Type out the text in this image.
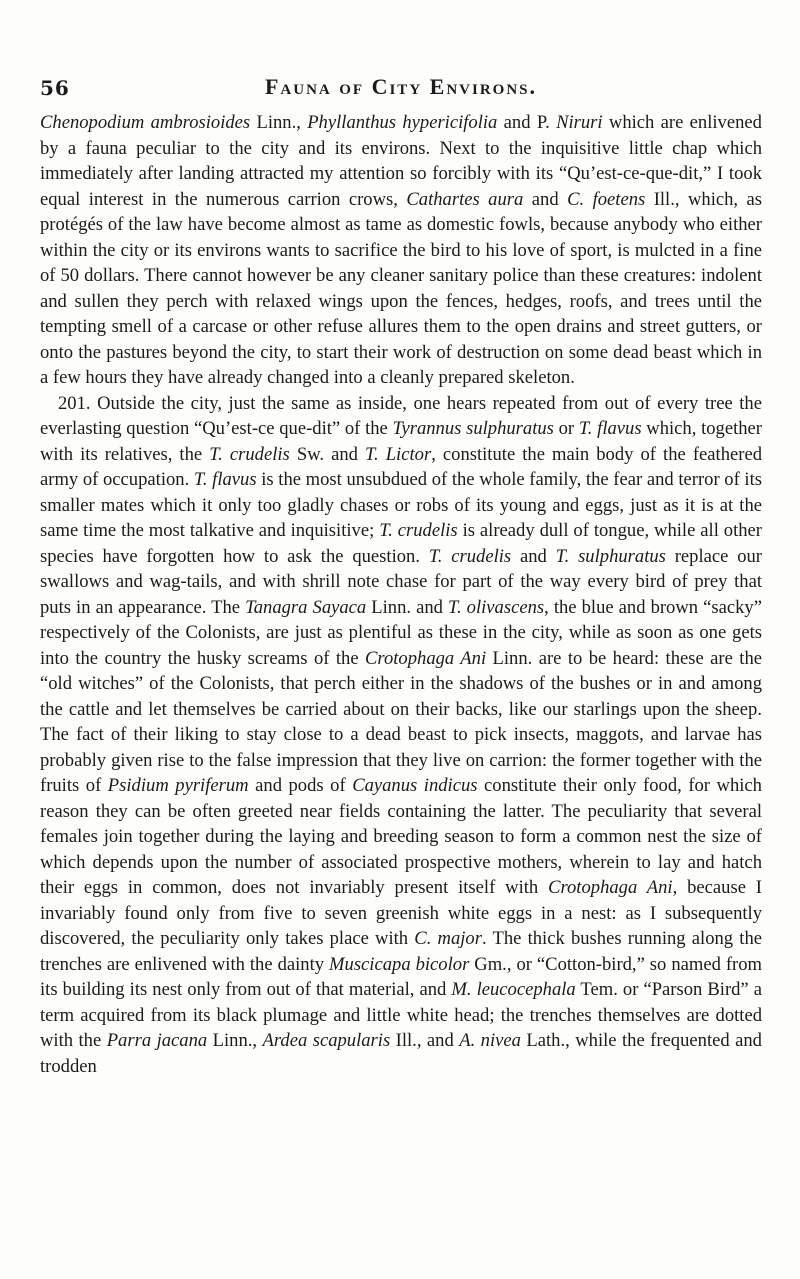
56	Fauna of City Environs.

Chenopodium ambrosioides Linn., Phyllanthus hypericifolia and P. Niruri which are enlivened by a fauna peculiar to the city and its environs. Next to the inquisitive little chap which immediately after landing attracted my attention so forcibly with its “Qu’est-ce-que-dit,” I took equal interest in the numerous carrion crows, Cathartes aura and C. foetens Ill., which, as protégés of the law have become almost as tame as domestic fowls, because anybody who either within the city or its environs wants to sacrifice the bird to his love of sport, is mulcted in a fine of 50 dollars. There cannot however be any cleaner sanitary police than these creatures: indolent and sullen they perch with relaxed wings upon the fences, hedges, roofs, and trees until the tempting smell of a carcase or other refuse allures them to the open drains and street gutters, or onto the pastures beyond the city, to start their work of destruction on some dead beast which in a few hours they have already changed into a cleanly prepared skeleton.

201. Outside the city, just the same as inside, one hears repeated from out of every tree the everlasting question “Qu’est-ce que-dit” of the Tyrannus sulphuratus or T. flavus which, together with its relatives, the T. crudelis Sw. and T. Lictor, constitute the main body of the feathered army of occupation. T. flavus is the most unsubdued of the whole family, the fear and terror of its smaller mates which it only too gladly chases or robs of its young and eggs, just as it is at the same time the most talkative and inquisitive; T. crudelis is already dull of tongue, while all other species have forgotten how to ask the question. T. crudelis and T. sulphuratus replace our swallows and wag-tails, and with shrill note chase for part of the way every bird of prey that puts in an appearance. The Tanagra Sayaca Linn. and T. olivascens, the blue and brown “sacky” respectively of the Colonists, are just as plentiful as these in the city, while as soon as one gets into the country the husky screams of the Crotophaga Ani Linn. are to be heard: these are the “old witches” of the Colonists, that perch either in the shadows of the bushes or in and among the cattle and let themselves be carried about on their backs, like our starlings upon the sheep. The fact of their liking to stay close to a dead beast to pick insects, maggots, and larvae has probably given rise to the false impression that they live on carrion: the former together with the fruits of Psidium pyriferum and pods of Cayanus indicus constitute their only food, for which reason they can be often greeted near fields containing the latter. The peculiarity that several females join together during the laying and breeding season to form a common nest the size of which depends upon the number of associated prospective mothers, wherein to lay and hatch their eggs in common, does not invariably present itself with Crotophaga Ani, because I invariably found only from five to seven greenish white eggs in a nest: as I subsequently discovered, the peculiarity only takes place with C. major. The thick bushes running along the trenches are enlivened with the dainty Muscicapa bicolor Gm., or “Cotton-bird,” so named from its building its nest only from out of that material, and M. leucocephala Tem. or “Parson Bird” a term acquired from its black plumage and little white head; the trenches themselves are dotted with the Parra jacana Linn., Ardea scapularis Ill., and A. nivea Lath., while the frequented and trodden
